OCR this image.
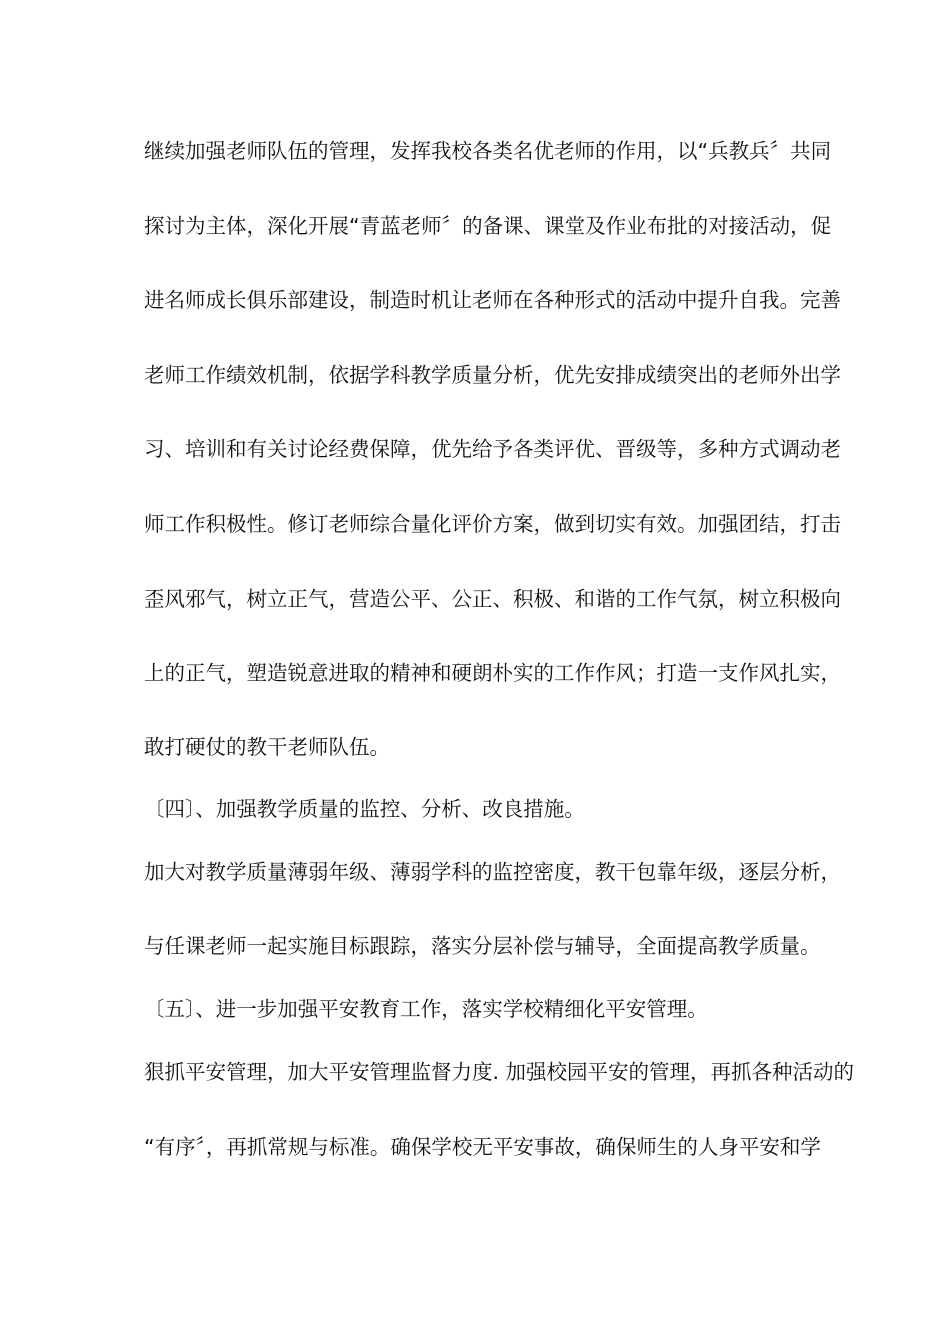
继续加强老师队伍的管理，发挥我校各类名优老师的作用，以“兵教兵〞共同
探讨为主体，深化开展“青蓝老师〞的备课、课堂及作业布批的对接活动，促
进名师成长俱乐部建设，制造时机让老师在各种形式的活动中提升自我。完善
老师工作绩效机制，依据学科教学质量分析，优先安排成绩突出的老师外出学
习、培训和有关讨论经费保障，优先给予各类评优、晋级等，多种方式调动老
师工作积极性。修订老师综合量化评价方案，做到切实有效。加强团结，打击
歪风邪气，树立正气，营造公平、公正、积极、和谐的工作气氛，树立积极向
上的正气，塑造锐意进取的精神和硬朗朴实的工作作风；打造一支作风扎实，
敢打硬仗的教干老师队伍。
〔四〕、加强教学质量的监控、分析、改良措施。
加大对教学质量薄弱年级、薄弱学科的监控密度，教干包靠年级，逐层分析，
与任课老师一起实施目标跟踪，落实分层补偿与辅导，全面提高教学质量。
〔五〕、进一步加强平安教育工作，落实学校精细化平安管理。
狠抓平安管理，加大平安管理监督力度. 加强校园平安的管理，再抓各种活动的
“有序〞，再抓常规与标准。确保学校无平安事故，确保师生的人身平安和学
